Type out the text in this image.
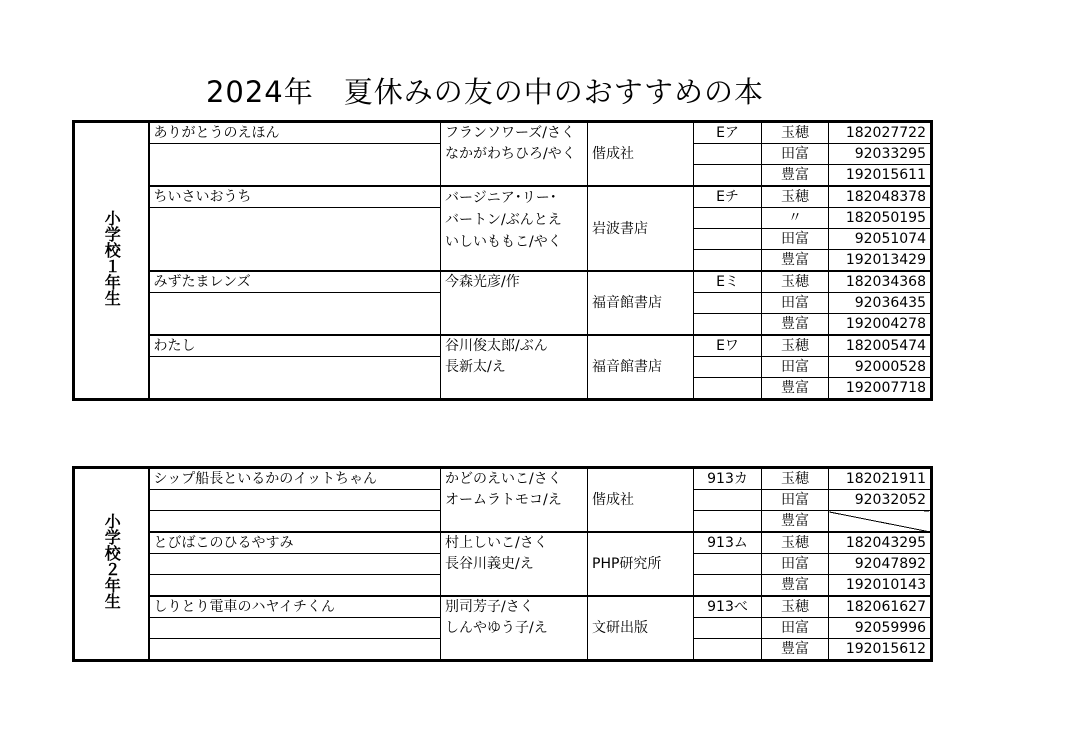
2024年　夏休みの友の中のおすすめの本
小学校１年生	ありがとうのえほん	フランソワーズ/さく
なかがわちひろ/やく	偕成社	Eア	玉穂	182027722
					田富	92033295
					豊富	192015611
	ちいさいおうち	バージニア･リー･
バートン/ぶんとえ
いしいももこ/やく	岩波書店	Eチ	玉穂	182048378
					〃	182050195
					田富	92051074
					豊富	192013429
	みずたまレンズ	今森光彦/作	福音館書店	Eミ	玉穂	182034368
					田富	92036435
					豊富	192004278
	わたし	谷川俊太郎/ぶん
長新太/え	福音館書店	Eワ	玉穂	182005474
					田富	92000528
					豊富	192007718
小学校２年生	シップ船長といるかのイットちゃん	かどのえいこ/さく
オームラトモコ/え	偕成社	913カ	玉穂	182021911
					田富	92032052
					豊富	
	とびばこのひるやすみ	村上しいこ/さく
長谷川義史/え	PHP研究所	913ム	玉穂	182043295
					田富	92047892
					豊富	192010143
	しりとり電車のハヤイチくん	別司芳子/さく
しんやゆう子/え	文研出版	913べ	玉穂	182061627
					田富	92059996
					豊富	192015612
